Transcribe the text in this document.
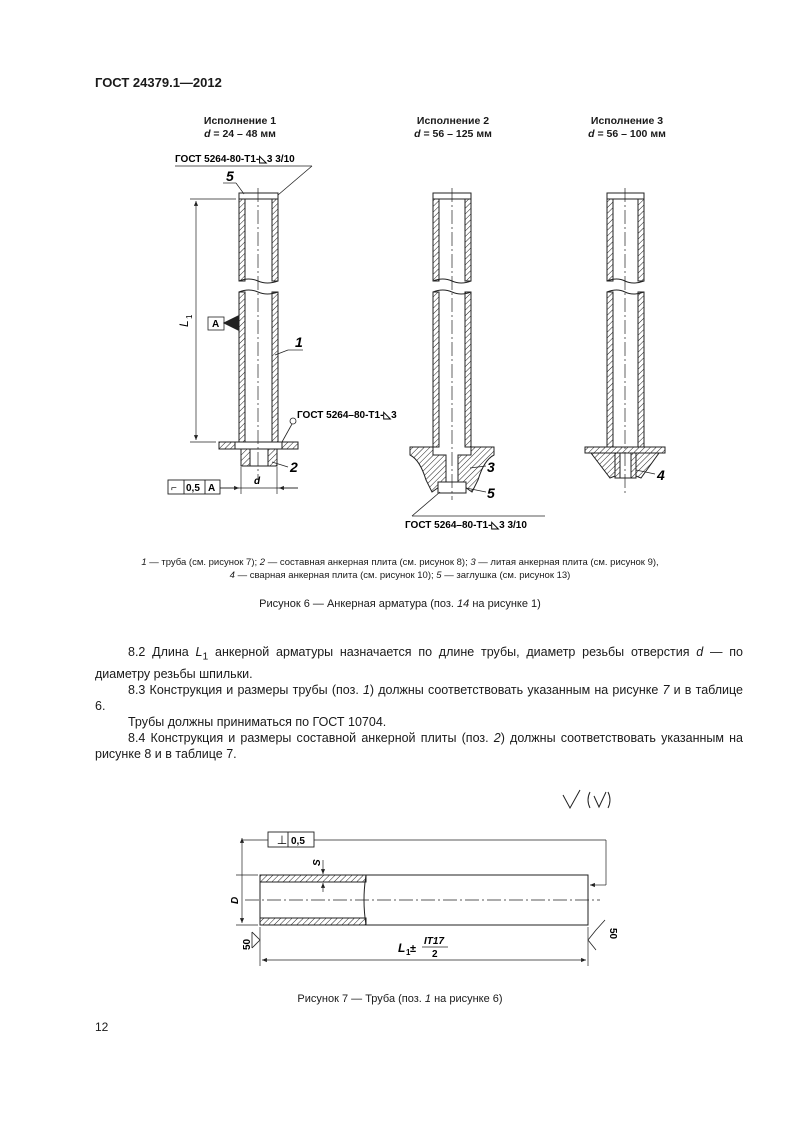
ГОСТ 24379.1—2012
Исполнение 1
d = 24 – 48 мм
Исполнение 2
d = 56 – 125 мм
Исполнение 3
d = 56 – 100 мм
ГОСТ 5264-80-Т1-◺3 3/10
5
1
2	3	4
5
ГОСТ 5264–80-Т1-◺3
ГОСТ 5264–80-Т1-◺3 3/10
L
1
А
d
⌐ 0,5 А
1 — труба (см. рисунок 7); 2 — составная анкерная плита (см. рисунок 8); 3 — литая анкерная плита (см. рисунок 9),
4 — сварная анкерная плита (см. рисунок 10); 5 — заглушка (см. рисунок 13)
Рисунок 6 — Анкерная арматура (поз. 14 на рисунке 1)
8.2 Длина $L_1$ анкерной арматуры назначается по длине трубы, диаметр резьбы отверстия d — по диаметру резьбы шпильки.
8.3 Конструкция и размеры трубы (поз. 1) должны соответствовать указанным на рисунке 7 и в таблице 6.
Трубы должны приниматься по ГОСТ 10704.
8.4 Конструкция и размеры составной анкерной плиты (поз. 2) должны соответствовать указанным на рисунке 8 и в таблице 7.
⊥ 0,5
S
D
50
50
L 1 ±
IT17
2
Рисунок 7 — Труба (поз. 1 на рисунке 6)
12
